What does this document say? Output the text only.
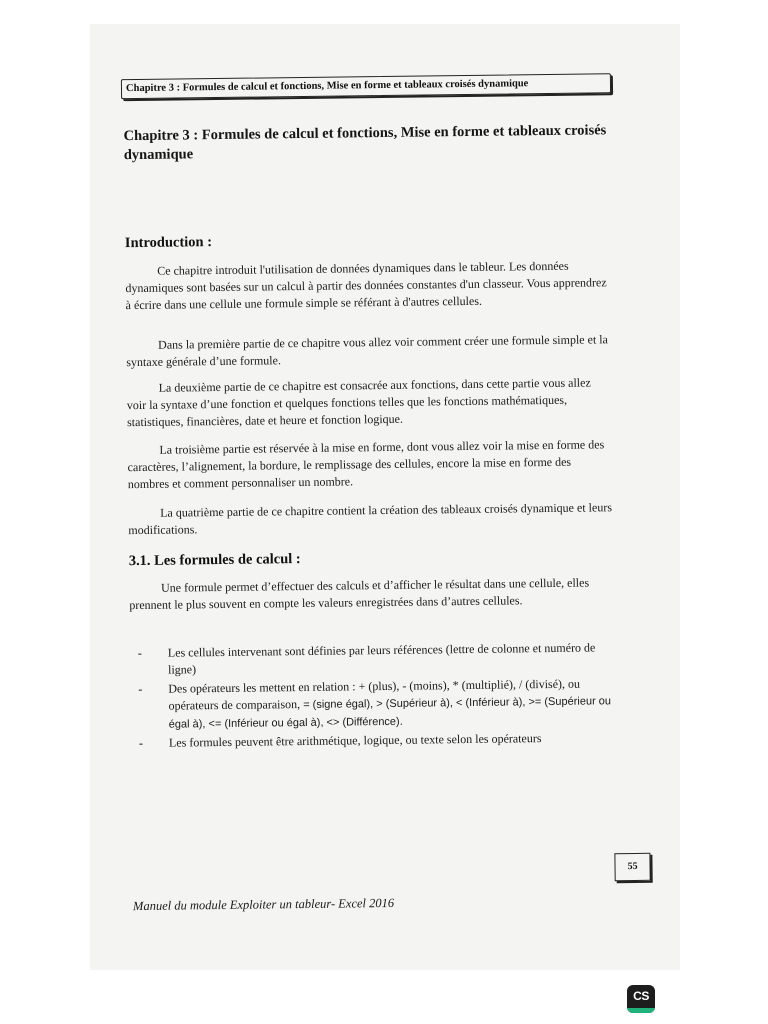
Chapitre 3 : Formules de calcul et fonctions, Mise en forme et tableaux croisés dynamique
Chapitre 3 : Formules de calcul et fonctions, Mise en forme et tableaux croisés dynamique
Introduction :
Ce chapitre introduit l'utilisation de données dynamiques dans le tableur. Les données dynamiques sont basées sur un calcul à partir des données constantes d'un classeur. Vous apprendrez à écrire dans une cellule une formule simple se référant à d'autres cellules.
Dans la première partie de ce chapitre vous allez voir comment créer une formule simple et la syntaxe générale d’une formule.
La deuxième partie de ce chapitre est consacrée aux fonctions, dans cette partie vous allez voir la syntaxe d’une fonction et quelques fonctions telles que les fonctions mathématiques, statistiques, financières, date et heure et fonction logique.
La troisième partie est réservée à la mise en forme, dont vous allez voir la mise en forme des caractères, l’alignement, la bordure, le remplissage des cellules, encore la mise en forme des nombres et comment personnaliser un nombre.
La quatrième partie de ce chapitre contient la création des tableaux croisés dynamique et leurs modifications.
3.1. Les formules de calcul :
Une formule permet d’effectuer des calculs et d’afficher le résultat dans une cellule, elles prennent le plus souvent en compte les valeurs enregistrées dans d’autres cellules.
-	Les cellules intervenant sont définies par leurs références (lettre de colonne et numéro de ligne)
-	Des opérateurs les mettent en relation : + (plus), - (moins), * (multiplié), / (divisé), ou opérateurs de comparaison, = (signe égal), > (Supérieur à), < (Inférieur à), >= (Supérieur ou égal à), <= (Inférieur ou égal à), <> (Différence).
-	Les formules peuvent être arithmétique, logique, ou texte selon les opérateurs
55
Manuel du module Exploiter un tableur- Excel 2016
CS
